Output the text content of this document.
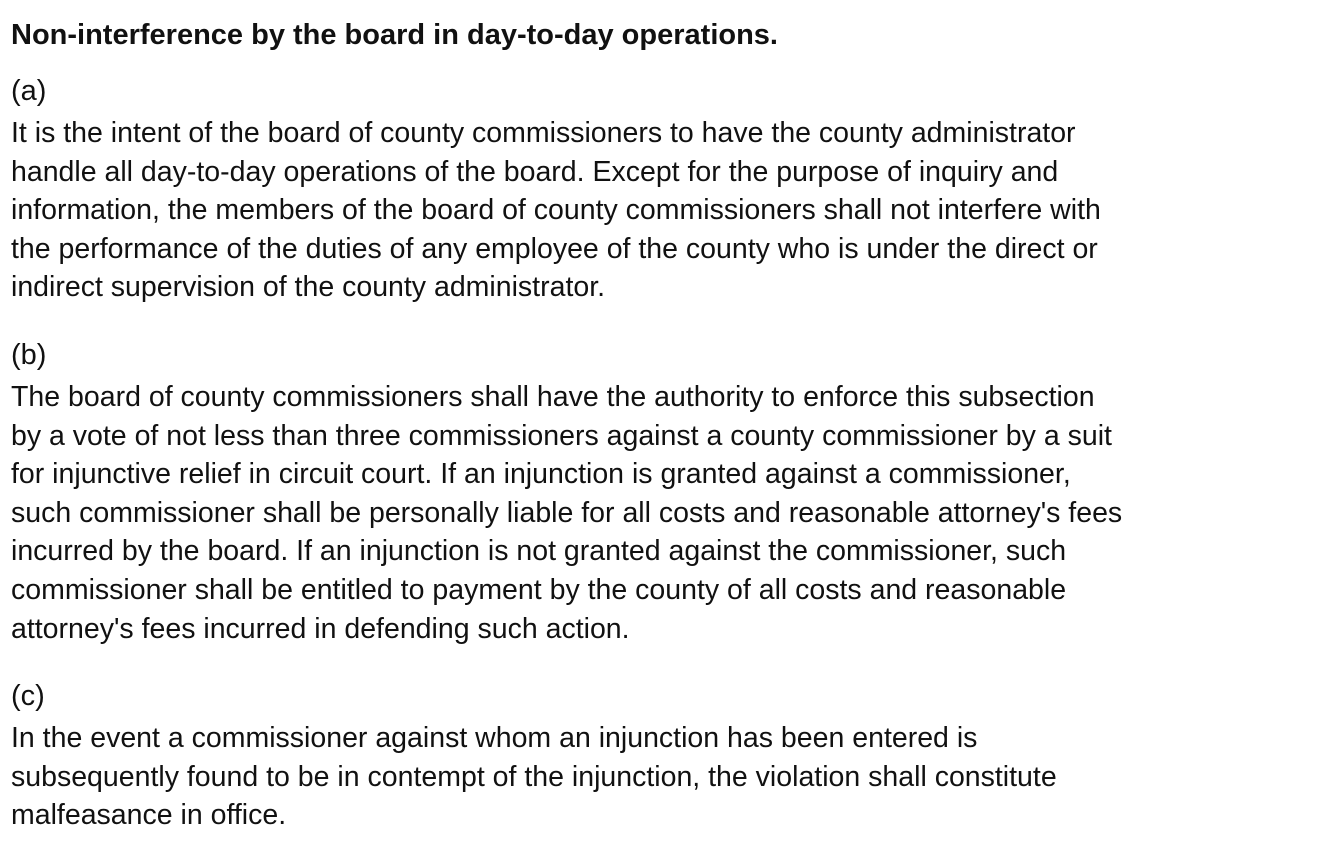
Non-interference by the board in day-to-day operations.
(a)
It is the intent of the board of county commissioners to have the county administrator
handle all day-to-day operations of the board. Except for the purpose of inquiry and
information, the members of the board of county commissioners shall not interfere with
the performance of the duties of any employee of the county who is under the direct or
indirect supervision of the county administrator.
(b)
The board of county commissioners shall have the authority to enforce this subsection
by a vote of not less than three commissioners against a county commissioner by a suit
for injunctive relief in circuit court. If an injunction is granted against a commissioner,
such commissioner shall be personally liable for all costs and reasonable attorney's fees
incurred by the board. If an injunction is not granted against the commissioner, such
commissioner shall be entitled to payment by the county of all costs and reasonable
attorney's fees incurred in defending such action.
(c)
In the event a commissioner against whom an injunction has been entered is
subsequently found to be in contempt of the injunction, the violation shall constitute
malfeasance in office.
